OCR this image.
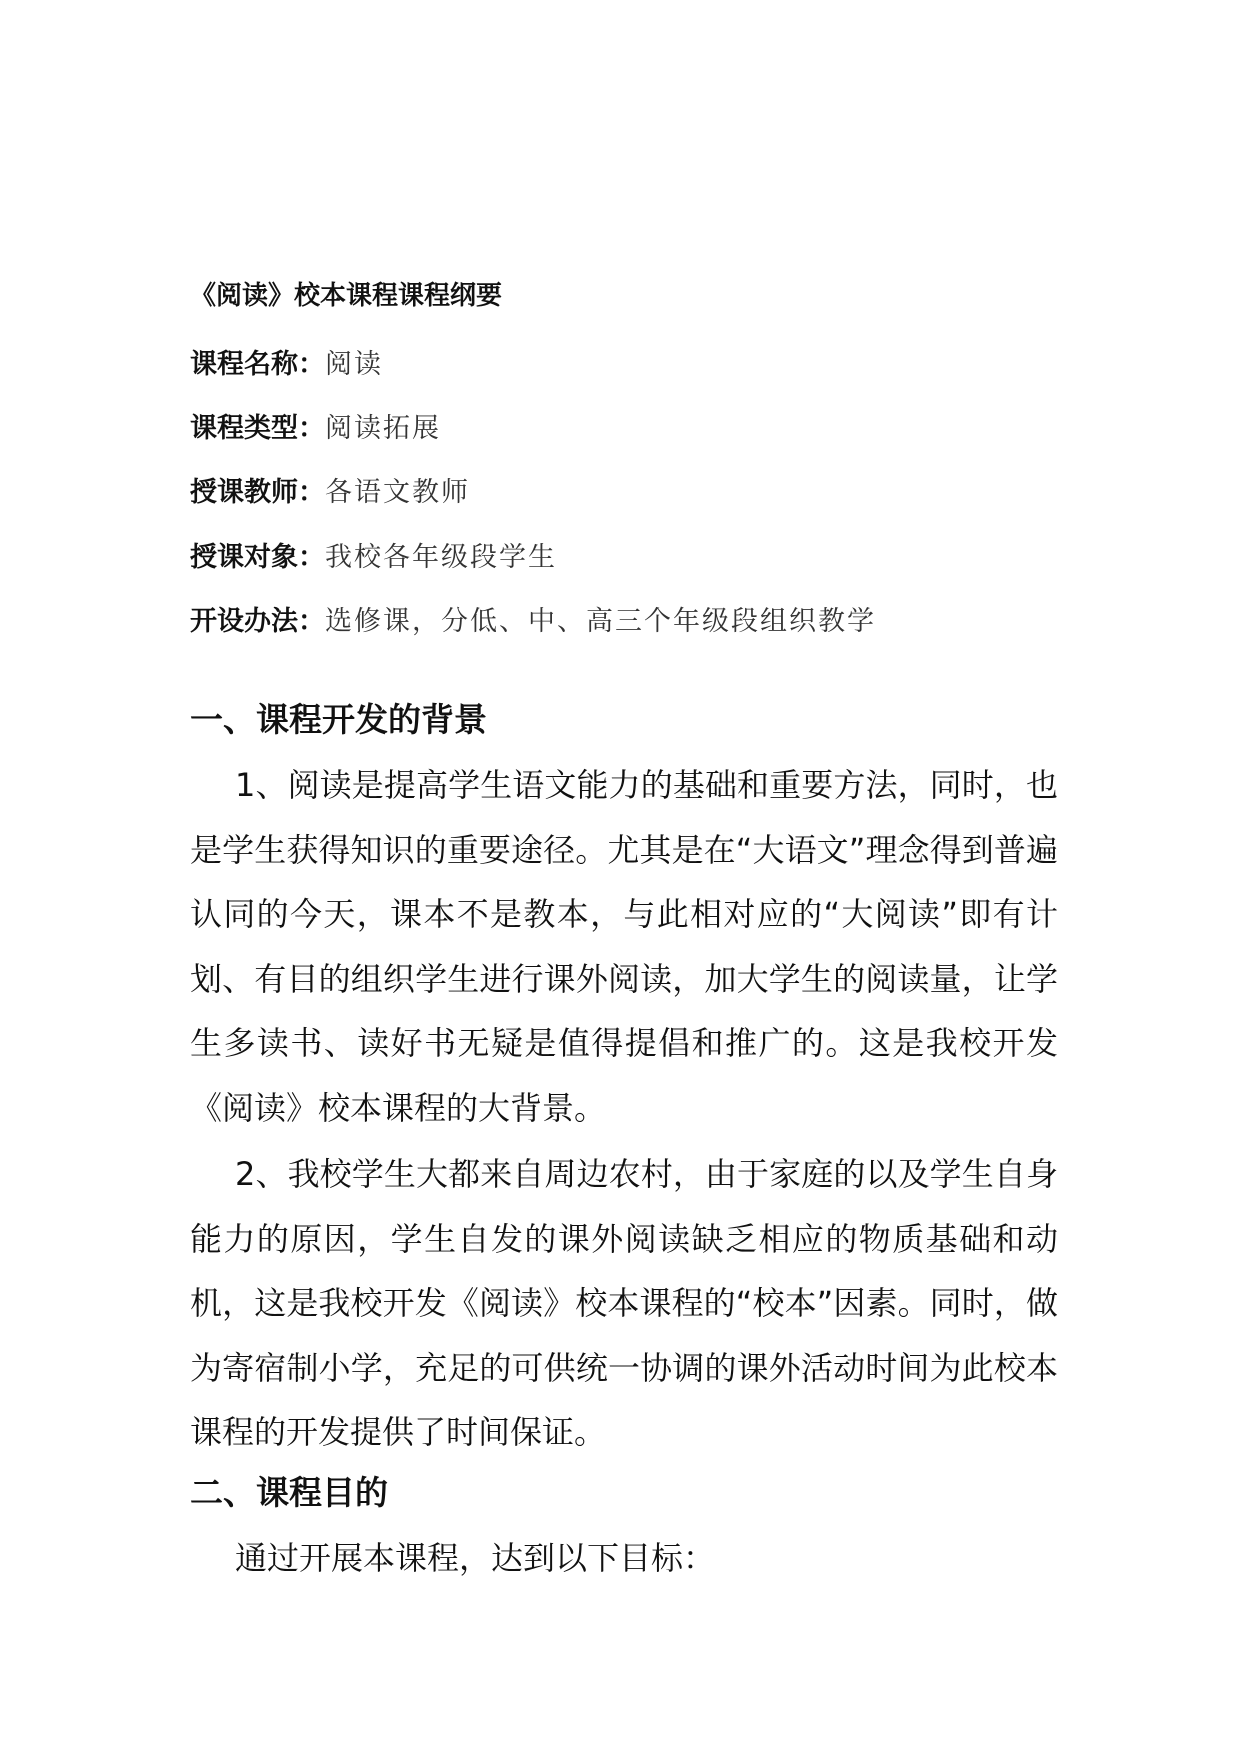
《阅读》校本课程课程纲要
课程名称：阅读
课程类型：阅读拓展
授课教师：各语文教师
授课对象：我校各年级段学生
开设办法：选修课，分低、中、高三个年级段组织教学
一、课程开发的背景

1、阅读是提高学生语文能力的基础和重要方法，同时，也是学生获得知识的重要途径。尤其是在“大语文”理念得到普遍认同的今天，课本不是教本，与此相对应的“大阅读”即有计划、有目的组织学生进行课外阅读，加大学生的阅读量，让学生多读书、读好书无疑是值得提倡和推广的。这是我校开发《阅读》校本课程的大背景。

2、我校学生大都来自周边农村，由于家庭的以及学生自身能力的原因，学生自发的课外阅读缺乏相应的物质基础和动机，这是我校开发《阅读》校本课程的“校本”因素。同时，做为寄宿制小学，充足的可供统一协调的课外活动时间为此校本课程的开发提供了时间保证。

二、课程目的

通过开展本课程，达到以下目标：
